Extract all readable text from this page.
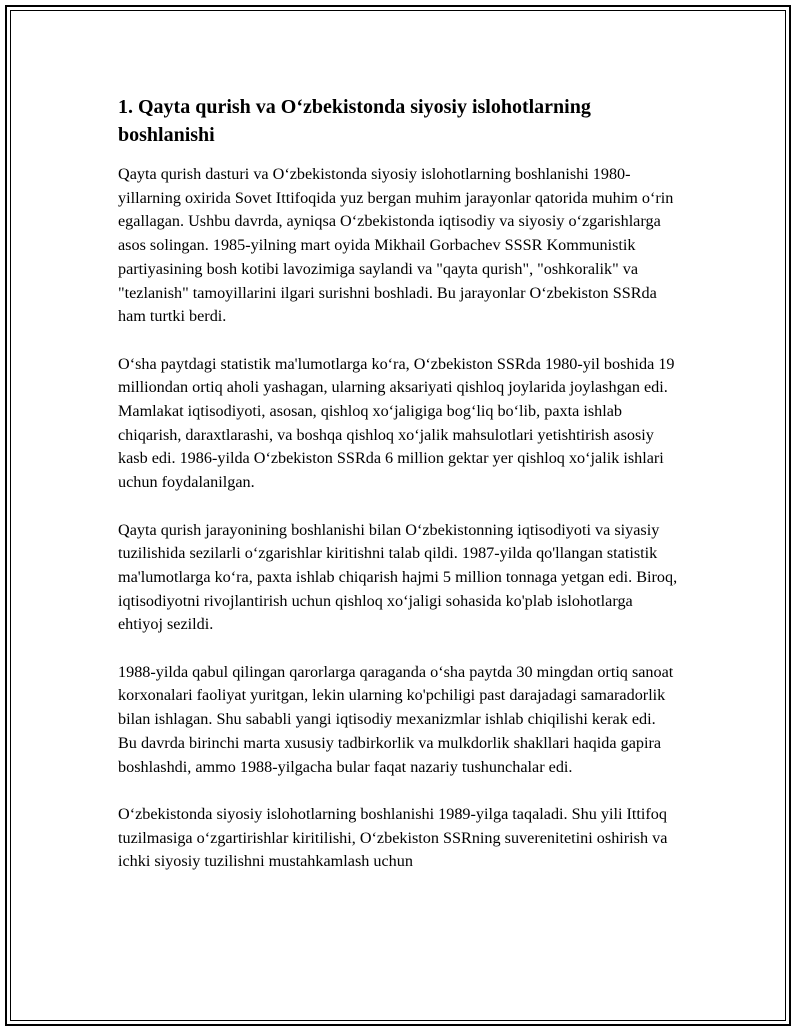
1. Qayta qurish va O‘zbekistonda siyosiy islohotlarning boshlanishi

Qayta qurish dasturi va O‘zbekistonda siyosiy islohotlarning boshlanishi 1980-yillarning oxirida Sovet Ittifoqida yuz bergan muhim jarayonlar qatorida muhim o‘rin egallagan. Ushbu davrda, ayniqsa O‘zbekistonda iqtisodiy va siyosiy o‘zgarishlarga asos solingan. 1985-yilning mart oyida Mikhail Gorbachev SSSR Kommunistik partiyasining bosh kotibi lavozimiga saylandi va "qayta qurish", "oshkoralik" va "tezlanish" tamoyillarini ilgari surishni boshladi. Bu jarayonlar O‘zbekiston SSRda ham turtki berdi.

O‘sha paytdagi statistik ma'lumotlarga ko‘ra, O‘zbekiston SSRda 1980-yil boshida 19 milliondan ortiq aholi yashagan, ularning aksariyati qishloq joylarida joylashgan edi. Mamlakat iqtisodiyoti, asosan, qishloq xo‘jaligiga bog‘liq bo‘lib, paxta ishlab chiqarish, daraxtlarashi, va boshqa qishloq xo‘jalik mahsulotlari yetishtirish asosiy kasb edi. 1986-yilda O‘zbekiston SSRda 6 million gektar yer qishloq xo‘jalik ishlari uchun foydalanilgan.

Qayta qurish jarayonining boshlanishi bilan O‘zbekistonning iqtisodiyoti va siyasiy tuzilishida sezilarli o‘zgarishlar kiritishni talab qildi. 1987-yilda qo'llangan statistik ma'lumotlarga ko‘ra, paxta ishlab chiqarish hajmi 5 million tonnaga yetgan edi. Biroq, iqtisodiyotni rivojlantirish uchun qishloq xo‘jaligi sohasida ko'plab islohotlarga ehtiyoj sezildi.

1988-yilda qabul qilingan qarorlarga qaraganda o‘sha paytda 30 mingdan ortiq sanoat korxonalari faoliyat yuritgan, lekin ularning ko'pchiligi past darajadagi samaradorlik bilan ishlagan. Shu sababli yangi iqtisodiy mexanizmlar ishlab chiqilishi kerak edi. Bu davrda birinchi marta xususiy tadbirkorlik va mulkdorlik shakllari haqida gapira boshlashdi, ammo 1988-yilgacha bular faqat nazariy tushunchalar edi.

O‘zbekistonda siyosiy islohotlarning boshlanishi 1989-yilga taqaladi. Shu yili Ittifoq tuzilmasiga o‘zgartirishlar kiritilishi, O‘zbekiston SSRning suverenitetini oshirish va ichki siyosiy tuzilishni mustahkamlash uchun
